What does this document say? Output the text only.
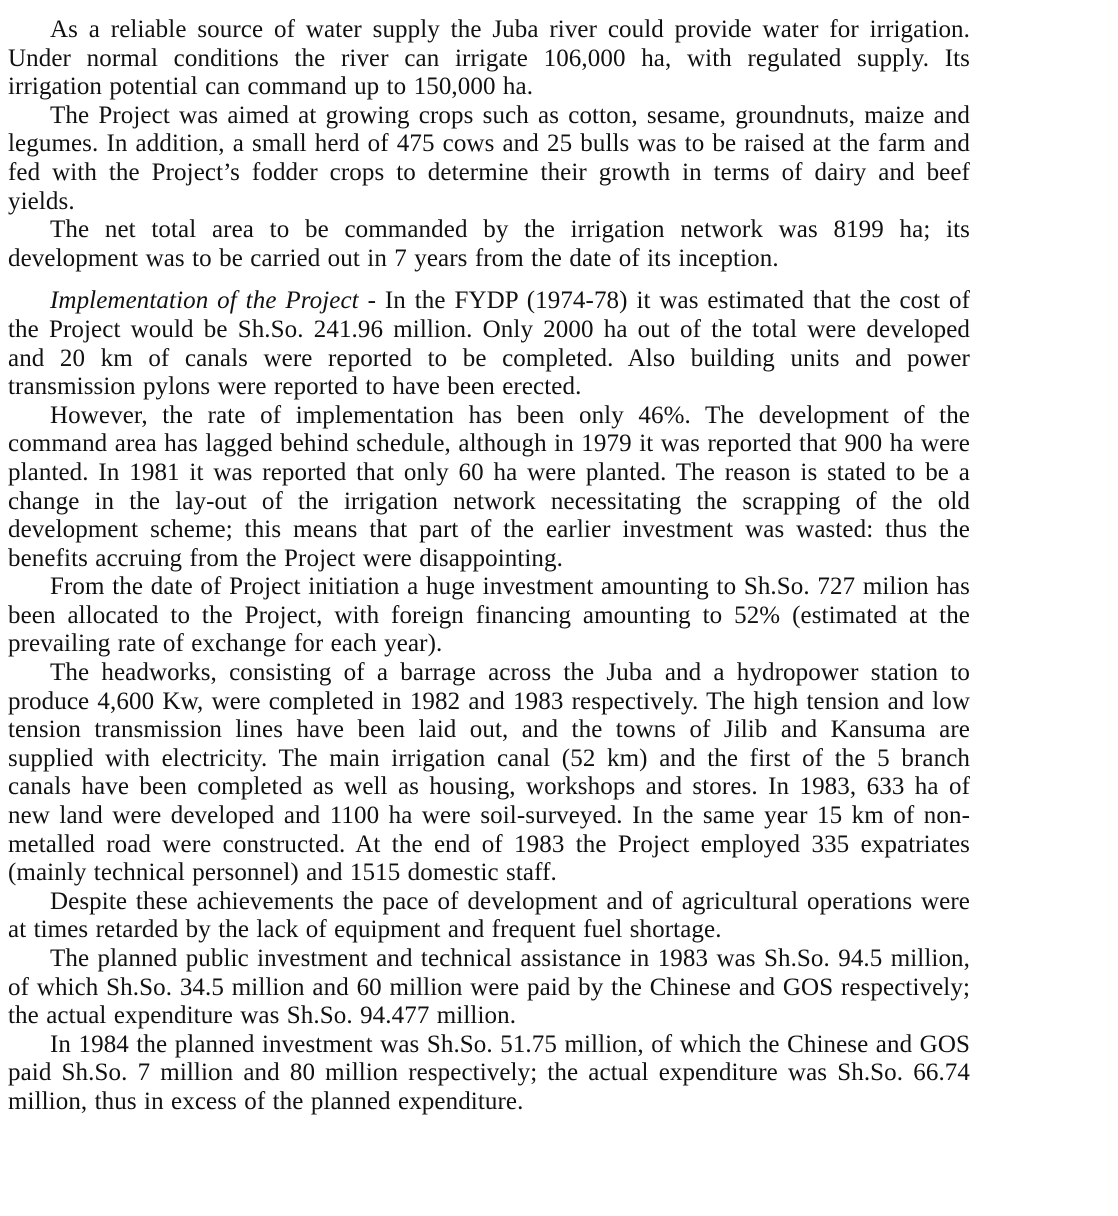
As a reliable source of water supply the Juba river could provide water for irrigation. Under normal conditions the river can irrigate 106,000 ha, with regulated supply. Its irrigation potential can command up to 150,000 ha.

The Project was aimed at growing crops such as cotton, sesame, groundnuts, maize and legumes. In addition, a small herd of 475 cows and 25 bulls was to be raised at the farm and fed with the Project’s fodder crops to determine their growth in terms of dairy and beef yields.

The net total area to be commanded by the irrigation network was 8199 ha; its development was to be carried out in 7 years from the date of its inception.

Implementation of the Project - In the FYDP (1974-78) it was estimated that the cost of the Project would be Sh.So. 241.96 million. Only 2000 ha out of the total were developed and 20 km of canals were reported to be completed. Also building units and power transmission pylons were reported to have been erected.

However, the rate of implementation has been only 46%. The development of the command area has lagged behind schedule, although in 1979 it was reported that 900 ha were planted. In 1981 it was reported that only 60 ha were planted. The reason is stated to be a change in the lay-out of the irrigation network necessitating the scrapping of the old development scheme; this means that part of the earlier investment was wasted: thus the benefits accruing from the Project were disappointing.

From the date of Project initiation a huge investment amounting to Sh.So. 727 milion has been allocated to the Project, with foreign financing amounting to 52% (estimated at the prevailing rate of exchange for each year).

The headworks, consisting of a barrage across the Juba and a hydropower station to produce 4,600 Kw, were completed in 1982 and 1983 respectively. The high tension and low tension transmission lines have been laid out, and the towns of Jilib and Kansuma are supplied with electricity. The main irrigation canal (52 km) and the first of the 5 branch canals have been completed as well as housing, workshops and stores. In 1983, 633 ha of new land were developed and 1100 ha were soil-surveyed. In the same year 15 km of non-metalled road were constructed. At the end of 1983 the Project employed 335 expatriates (mainly technical personnel) and 1515 domestic staff.

Despite these achievements the pace of development and of agricultural operations were at times retarded by the lack of equipment and frequent fuel shortage.

The planned public investment and technical assistance in 1983 was Sh.So. 94.5 million, of which Sh.So. 34.5 million and 60 million were paid by the Chinese and GOS respectively; the actual expenditure was Sh.So. 94.477 million.

In 1984 the planned investment was Sh.So. 51.75 million, of which the Chinese and GOS paid Sh.So. 7 million and 80 million respectively; the actual expenditure was Sh.So. 66.74 million, thus in excess of the planned expenditure.
